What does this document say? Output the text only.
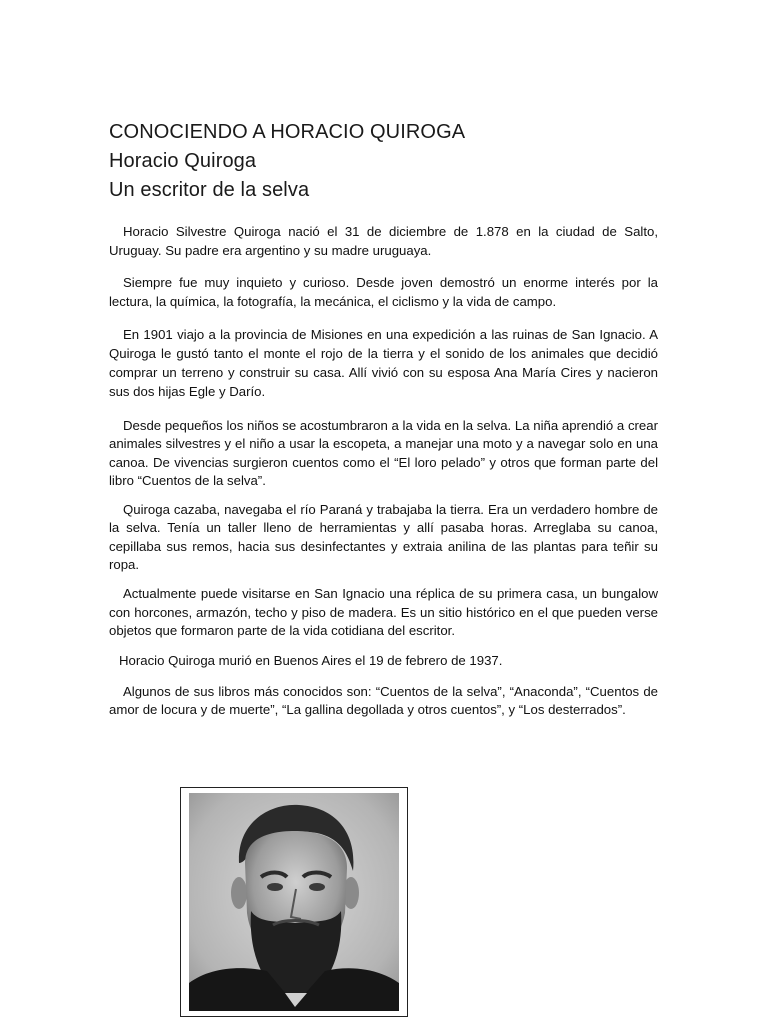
CONOCIENDO A HORACIO QUIROGA
Horacio Quiroga
Un escritor de la selva

Horacio Silvestre Quiroga nació el 31 de diciembre de 1.878 en la ciudad de Salto, Uruguay. Su padre era argentino y su madre uruguaya.

Siempre fue muy inquieto y curioso. Desde joven demostró un enorme interés por la lectura, la química, la fotografía, la mecánica, el ciclismo y la vida de campo.

En 1901 viajo a la provincia de Misiones en una expedición a las ruinas de San Ignacio. A Quiroga le gustó tanto el monte el rojo de la tierra y el sonido de los animales que decidió comprar un terreno y construir su casa. Allí vivió con su esposa Ana María Cires y nacieron sus dos hijas Egle y Darío.

Desde pequeños los niños se acostumbraron a la vida en la selva. La niña aprendió a crear animales silvestres y el niño a usar la escopeta, a manejar una moto y a navegar solo en una canoa. De vivencias surgieron cuentos como el “El loro pelado” y otros que forman parte del libro “Cuentos de la selva”.

Quiroga cazaba, navegaba el río Paraná y trabajaba la tierra. Era un verdadero hombre de la selva. Tenía un taller lleno de herramientas y allí pasaba horas. Arreglaba su canoa, cepillaba sus remos, hacia sus desinfectantes y extraia anilina de las plantas para teñir su ropa.

Actualmente puede visitarse en San Ignacio una réplica de su primera casa, un bungalow con horcones, armazón, techo y piso de madera. Es un sitio histórico en el que pueden verse objetos que formaron parte de la vida cotidiana del escritor.

Horacio Quiroga murió en Buenos Aires el 19 de febrero de 1937.

Algunos de sus libros más conocidos son: “Cuentos de la selva”, “Anaconda”, “Cuentos de amor de locura y de muerte”, “La gallina degollada y otros cuentos”, y “Los desterrados”.
